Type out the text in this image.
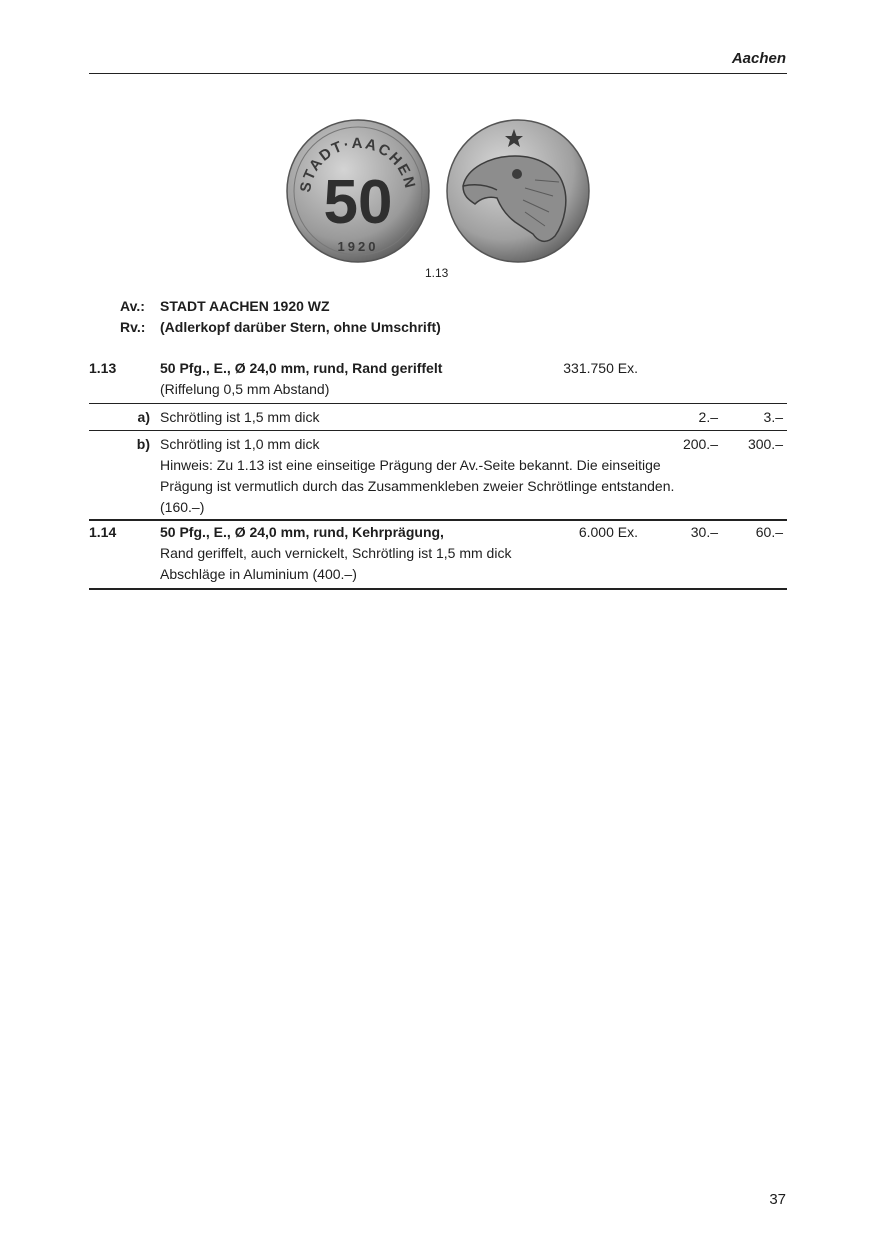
Aachen
STADT·AACHEN
50
1920
1.13
Av.: STADT AACHEN 1920 WZ
Rv.: (Adlerkopf darüber Stern, ohne Umschrift)
1.13	50 Pfg., E., Ø 24,0 mm, rund, Rand geriffelt	331.750 Ex.
(Riffelung 0,5 mm Abstand)
a) Schrötling ist 1,5 mm dick	2.–	3.–
b) Schrötling ist 1,0 mm dick	200.–	300.–
Hinweis: Zu 1.13 ist eine einseitige Prägung der Av.-Seite bekannt. Die einseitige
Prägung ist vermutlich durch das Zusammenkleben zweier Schrötlinge entstanden.
(160.–)
1.14	50 Pfg., E., Ø 24,0 mm, rund, Kehrprägung,	6.000 Ex.	30.–	60.–
Rand geriffelt, auch vernickelt, Schrötling ist 1,5 mm dick
Abschläge in Aluminium (400.–)
37
